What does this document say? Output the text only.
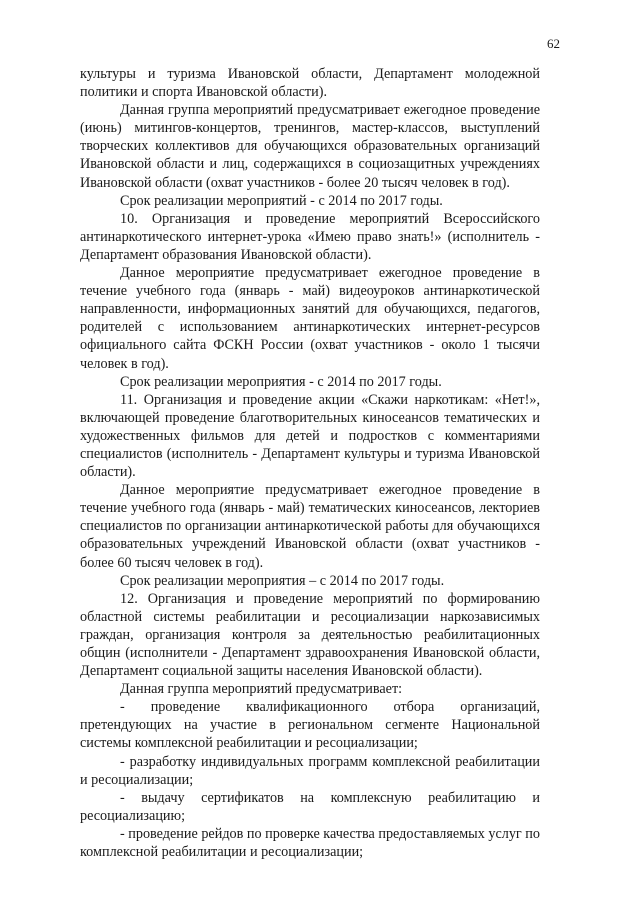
62

культуры и туризма Ивановской области, Департамент молодежной политики и спорта Ивановской области).

Данная группа мероприятий предусматривает ежегодное проведение (июнь) митингов-концертов, тренингов, мастер-классов, выступлений творческих коллективов для обучающихся образовательных организаций Ивановской области и лиц, содержащихся в социозащитных учреждениях Ивановской области (охват участников - более 20 тысяч человек в год).

Срок реализации мероприятий - с 2014 по 2017 годы.

10. Организация и проведение мероприятий Всероссийского антинаркотического интернет-урока «Имею право знать!» (исполнитель - Департамент образования Ивановской области).

Данное мероприятие предусматривает ежегодное проведение в течение учебного года (январь - май) видеоуроков антинаркотической направленности, информационных занятий для обучающихся, педагогов, родителей с использованием антинаркотических интернет-ресурсов официального сайта ФСКН России (охват участников - около 1 тысячи человек в год).

Срок реализации мероприятия - с 2014 по 2017 годы.

11. Организация и проведение акции «Скажи наркотикам: «Нет!», включающей проведение благотворительных киносеансов тематических и художественных фильмов для детей и подростков с комментариями специалистов (исполнитель - Департамент культуры и туризма Ивановской области).

Данное мероприятие предусматривает ежегодное проведение в течение учебного года (январь - май) тематических киносеансов, лекториев специалистов по организации антинаркотической работы для обучающихся образовательных учреждений Ивановской области (охват участников - более 60 тысяч человек в год).

Срок реализации мероприятия – с 2014 по 2017 годы.

12. Организация и проведение мероприятий по формированию областной системы реабилитации и ресоциализации наркозависимых граждан, организация контроля за деятельностью реабилитационных общин (исполнители - Департамент здравоохранения Ивановской области, Департамент социальной защиты населения Ивановской области).

Данная группа мероприятий предусматривает:

- проведение квалификационного отбора организаций, претендующих на участие в региональном сегменте Национальной системы комплексной реабилитации и ресоциализации;

- разработку индивидуальных программ комплексной реабилитации и ресоциализации;

- выдачу сертификатов на комплексную реабилитацию и ресоциализацию;

- проведение рейдов по проверке качества предоставляемых услуг по комплексной реабилитации и ресоциализации;
